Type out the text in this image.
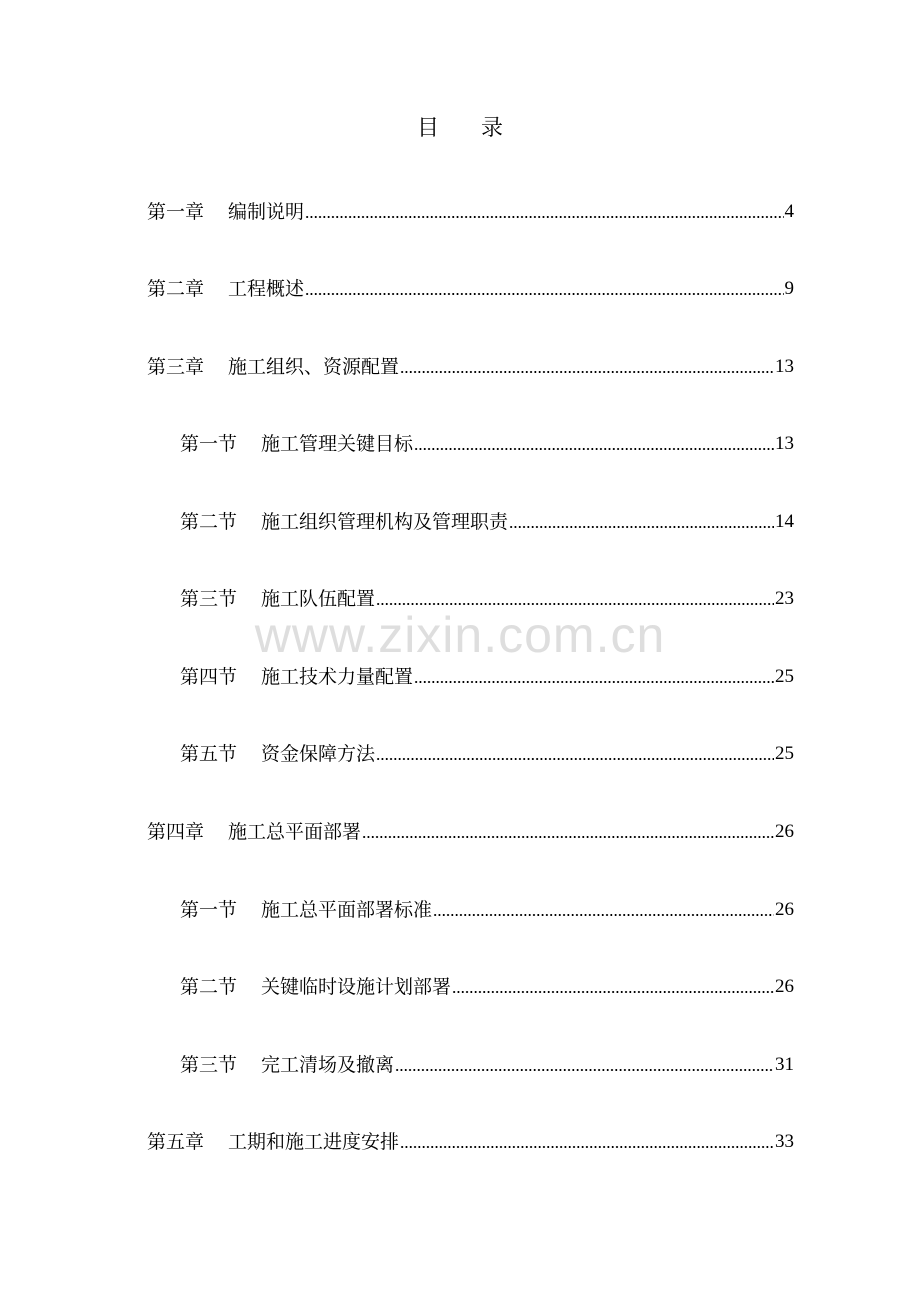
目 录
第一章 编制说明	4
第二章 工程概述	9
第三章 施工组织、资源配置	13
第一节 施工管理关键目标	13
第二节 施工组织管理机构及管理职责	14
第三节 施工队伍配置	23
第四节 施工技术力量配置	25
第五节 资金保障方法	25
第四章 施工总平面部署	26
第一节 施工总平面部署标准	26
第二节 关键临时设施计划部署	26
第三节 完工清场及撤离	31
第五章 工期和施工进度安排	33
www.zixin.com.cn
